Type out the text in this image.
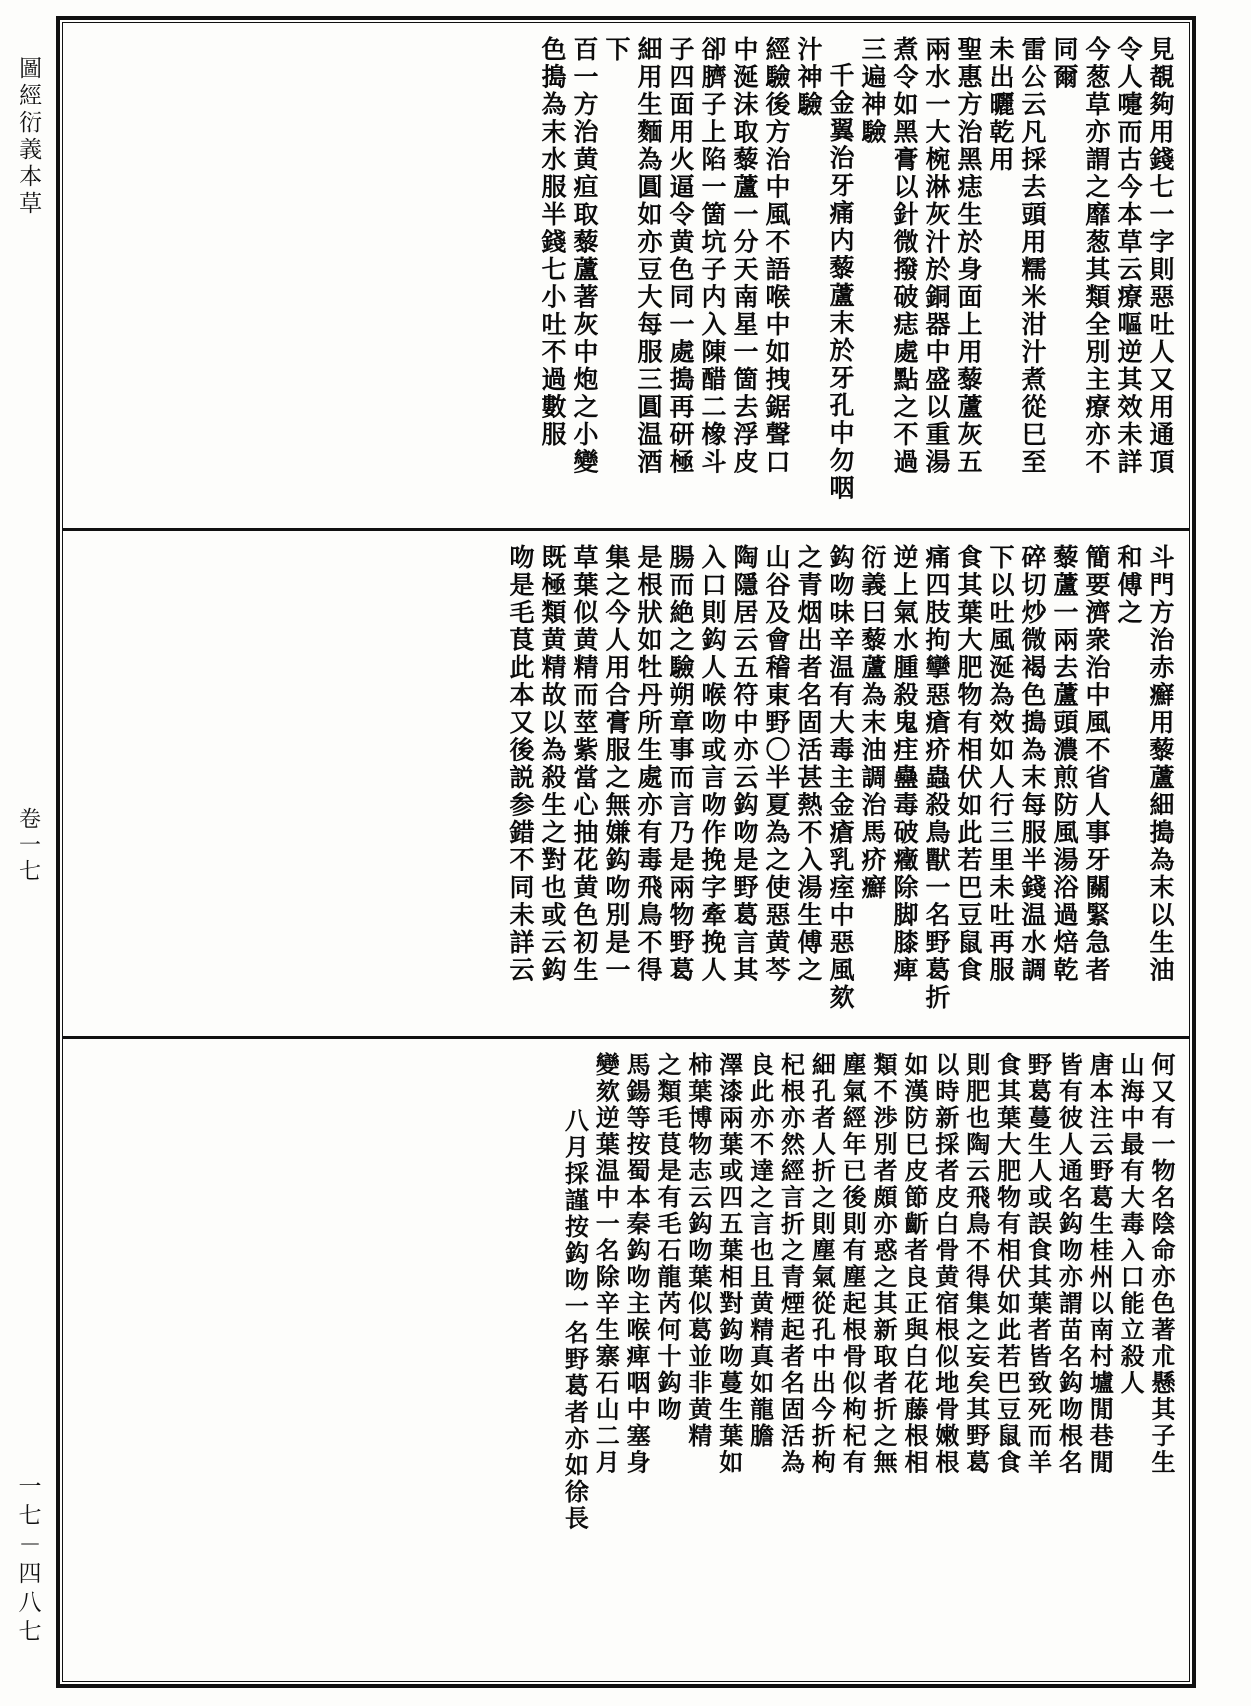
圖經衍義本草
卷一七
一七－四八七
見覩夠用錢七一字則惡吐人又用通頂
令人嚏而古今本草云療嘔逆其效未詳
今葱草亦謂之靡葱其類全別主療亦不
同爾
雷公云凡採去頭用糯米泔汁煮從巳至
未出曬乾用
聖惠方治黑痣生於身面上用藜蘆灰五
兩水一大椀淋灰汁於銅器中盛以重湯
煮令如黑膏以針微撥破痣處點之不過
三遍神驗
千金翼治牙痛内藜蘆末於牙孔中勿咽
汁神驗
經驗後方治中風不語喉中如拽鋸聲口
中涎沫取藜蘆一分天南星一箇去浮皮
卻臍子上陷一箇坑子内入陳醋二橡斗
子四面用火逼令黄色同一處搗再研極
細用生麵為圓如亦豆大每服三圓温酒
下
百一方治黄疸取藜蘆著灰中炮之小變
色搗為末水服半錢七小吐不過數服
斗門方治赤癬用藜蘆細搗為末以生油
和傅之
簡要濟衆治中風不省人事牙關緊急者
藜蘆一兩去蘆頭濃煎防風湯浴過焙乾
碎切炒微褐色搗為末每服半錢温水調
下以吐風涎為效如人行三里未吐再服
食其葉大肥物有相伏如此若巴豆鼠食
痛四肢拘攣惡瘡疥蟲殺鳥獸一名野葛折
逆上氣水腫殺鬼疰蠱毒破癥除脚膝痺
衍義曰藜蘆為末油調治馬疥癬
鈎吻味辛温有大毒主金瘡乳痓中惡風欬
之青烟出者名固活甚熱不入湯生傅之
山谷及會稽東野〇半夏為之使惡黄芩
陶隱居云五符中亦云鈎吻是野葛言其
入口則鈎人喉吻或言吻作挽字牽挽人
腸而絶之驗朔章事而言乃是兩物野葛
是根狀如牡丹所生處亦有毒飛鳥不得
集之今人用合膏服之無嫌鈎吻別是一
草葉似黄精而莖紫當心抽花黄色初生
既極類黄精故以為殺生之對也或云鈎
吻是毛茛此本又後説参錯不同未詳云
何又有一物名陰命亦色著朮懸其子生
山海中最有大毒入口能立殺人
唐本注云野葛生桂州以南村壚閒巷閒
皆有彼人通名鈎吻亦謂苗名鈎吻根名
野葛蔓生人或誤食其葉者皆致死而羊
食其葉大肥物有相伏如此若巴豆鼠食
則肥也陶云飛鳥不得集之妄矣其野葛
以時新採者皮白骨黄宿根似地骨嫩根
如漢防巳皮節齗者良正與白花藤根相
類不渉別者頗亦惑之其新取者折之無
塵氣經年已後則有塵起根骨似枸杞有
細孔者人折之則塵氣從孔中出今折枸
杞根亦然經言折之青煙起者名固活為
良此亦不達之言也且黄精真如龍膽
澤漆兩葉或四五葉相對鈎吻蔓生葉如
柿葉博物志云鈎吻葉似葛並非黄精
之類毛茛是有毛石龍芮何十鈎吻
馬鍚等按蜀本秦鈎吻主喉痺咽中塞身
變欬逆葉温中一名除辛生寨石山二月
八月採謹按鈎吻一名野葛者亦如徐長
